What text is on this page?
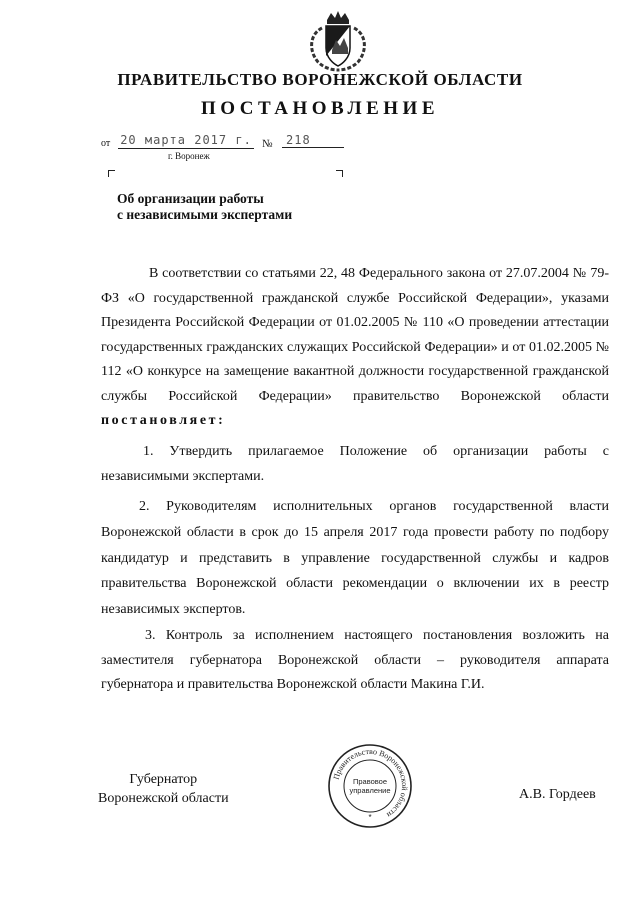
ПРАВИТЕЛЬСТВО ВОРОНЕЖСКОЙ ОБЛАСТИ
ПОСТАНОВЛЕНИЕ
от 20 марта 2017 г. №	218
г. Воронеж
Об организации работы
с независимыми экспертами
В соответствии со статьями 22, 48 Федерального закона от 27.07.2004 № 79-ФЗ «О государственной гражданской службе Российской Федерации», указами Президента Российской Федерации от 01.02.2005 № 110 «О проведении аттестации государственных гражданских служащих Российской Федерации» и от 01.02.2005 № 112 «О конкурсе на замещение вакантной должности государственной гражданской службы Российской Федерации» правительство Воронежской области постановляет:
1. Утвердить прилагаемое Положение об организации работы с независимыми экспертами.
2. Руководителям исполнительных органов государственной власти Воронежской области в срок до 15 апреля 2017 года провести работу по подбору кандидатур и представить в управление государственной службы и кадров правительства Воронежской области рекомендации о включении их в реестр независимых экспертов.
3. Контроль за исполнением настоящего постановления возложить на заместителя губернатора Воронежской области – руководителя аппарата губернатора и правительства Воронежской области Макина Г.И.
Губернатор
Воронежской области
Правительство Воронежской области
Правовое
управление
*
А.В. Гордеев
